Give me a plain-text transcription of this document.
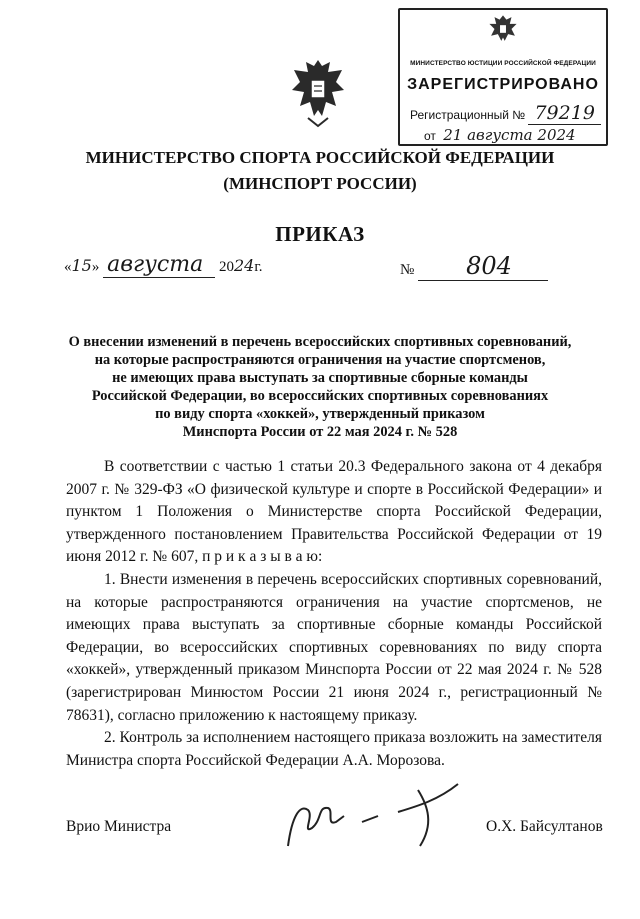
МИНИСТЕРСТВО ЮСТИЦИИ РОССИЙСКОЙ ФЕДЕРАЦИИ
ЗАРЕГИСТРИРОВАНО
Регистрационный № 79219
от 21 августа 2024
МИНИСТЕРСТВО СПОРТА РОССИЙСКОЙ ФЕДЕРАЦИИ
(МИНСПОРТ РОССИИ)
ПРИКАЗ
«15» августа 2024г.	№ 804
О внесении изменений в перечень всероссийских спортивных соревнований,
на которые распространяются ограничения на участие спортсменов,
не имеющих права выступать за спортивные сборные команды
Российской Федерации, во всероссийских спортивных соревнованиях
по виду спорта «хоккей», утвержденный приказом
Минспорта России от 22 мая 2024 г. № 528

В соответствии с частью 1 статьи 20.3 Федерального закона от 4 декабря 2007 г. № 329-ФЗ «О физической культуре и спорте в Российской Федерации» и пунктом 1 Положения о Министерстве спорта Российской Федерации, утвержденного постановлением Правительства Российской Федерации от 19 июня 2012 г. № 607, п р и к а з ы в а ю:

1. Внести изменения в перечень всероссийских спортивных соревнований, на которые распространяются ограничения на участие спортсменов, не имеющих права выступать за спортивные сборные команды Российской Федерации, во всероссийских спортивных соревнованиях по виду спорта «хоккей», утвержденный приказом Минспорта России от 22 мая 2024 г. № 528 (зарегистрирован Минюстом России 21 июня 2024 г., регистрационный № 78631), согласно приложению к настоящему приказу.

2. Контроль за исполнением настоящего приказа возложить на заместителя Министра спорта Российской Федерации А.А. Морозова.

Врио Министра	О.Х. Байсултанов
